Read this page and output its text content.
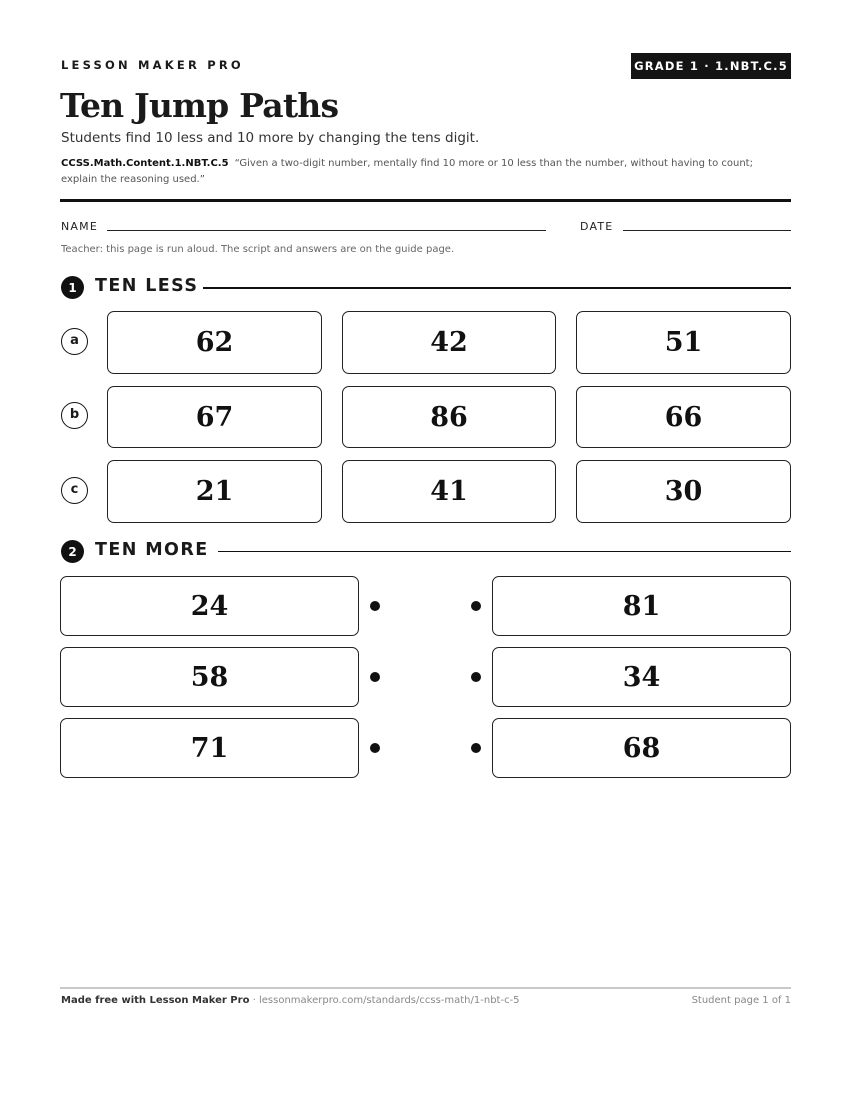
LESSON MAKER PRO	GRADE 1 · 1.NBT.C.5
Ten Jump Paths
Students find 10 less and 10 more by changing the tens digit.
CCSS.Math.Content.1.NBT.C.5 “Given a two-digit number, mentally find 10 more or 10 less than the number, without having to count; explain the reasoning used.”
NAME	DATE
Teacher: this page is run aloud. The script and answers are on the guide page.
1	TEN LESS
a	62	42	51
b	67	86	66
c	21	41	30
2	TEN MORE
24	81
58	34
71	68
Made free with Lesson Maker Pro · lessonmakerpro.com/standards/ccss-math/1-nbt-c-5	Student page 1 of 1
